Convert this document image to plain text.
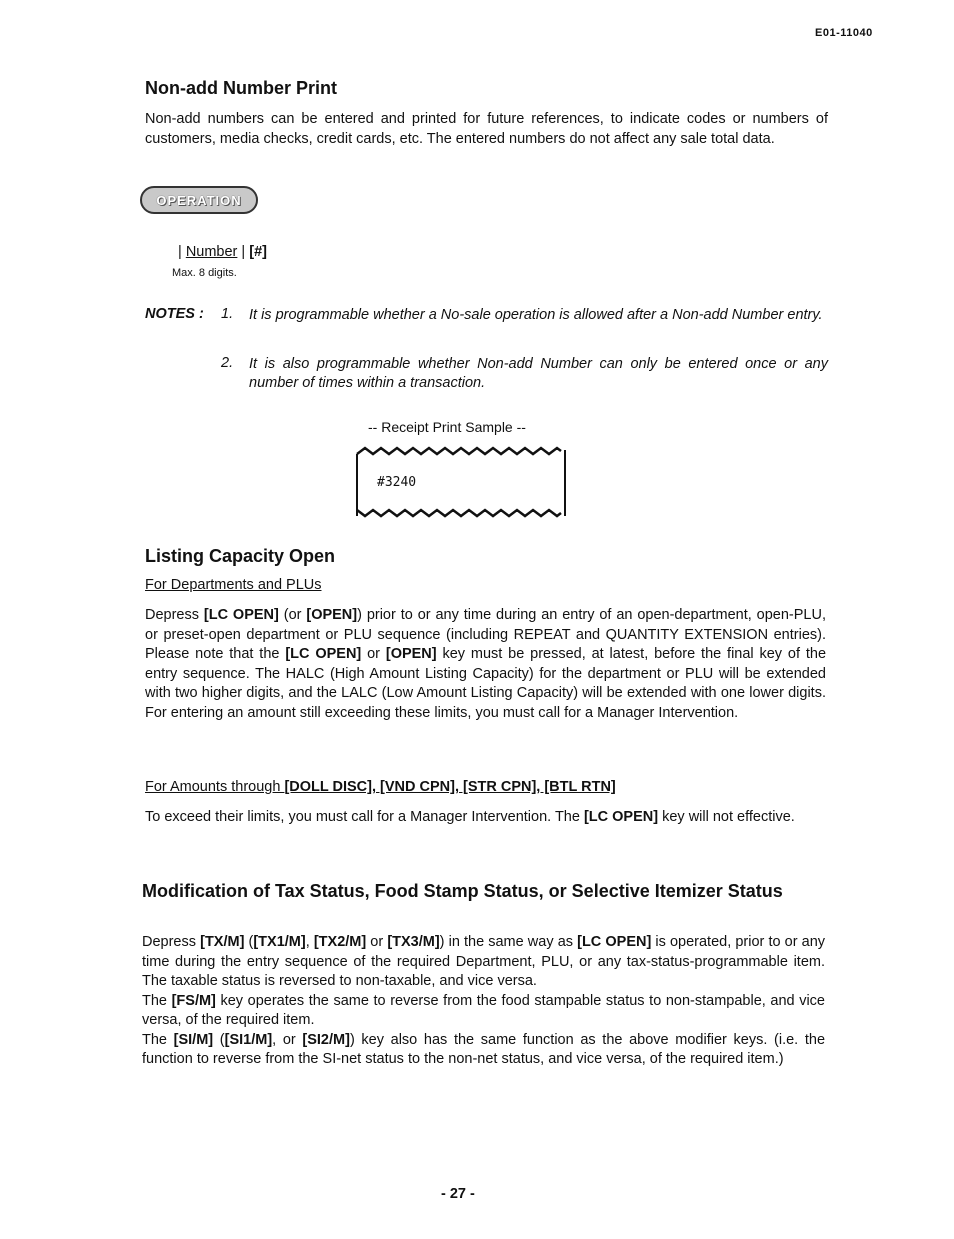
E01-11040
Non-add Number Print

Non-add numbers can be entered and printed for future references, to indicate codes or numbers of customers, media checks, credit cards, etc. The entered numbers do not affect any sale total data.

OPERATION
| Number | [#]
Max. 8 digits.
NOTES : 1. It is programmable whether a No-sale operation is allowed after a Non-add Number entry.

2. It is also programmable whether Non-add Number can only be entered once or any number of times within a transaction.

-- Receipt Print Sample --
#3240
Listing Capacity Open
For Departments and PLUs

Depress [LC OPEN] (or [OPEN]) prior to or any time during an entry of an open-department, open-PLU, or preset-open department or PLU sequence (including REPEAT and QUANTITY EXTENSION entries). Please note that the [LC OPEN] or [OPEN] key must be pressed, at latest, before the final key of the entry sequence. The HALC (High Amount Listing Capacity) for the department or PLU will be extended with two higher digits, and the LALC (Low Amount Listing Capacity) will be extended with one lower digits. For entering an amount still exceeding these limits, you must call for a Manager Intervention.

For Amounts through [DOLL DISC], [VND CPN], [STR CPN], [BTL RTN]

To exceed their limits, you must call for a Manager Intervention. The [LC OPEN] key will not effective.

Modification of Tax Status, Food Stamp Status, or Selective Itemizer Status

Depress [TX/M] ([TX1/M], [TX2/M] or [TX3/M]) in the same way as [LC OPEN] is operated, prior to or any time during the entry sequence of the required Department, PLU, or any tax-status-programmable item. The taxable status is reversed to non-taxable, and vice versa.
The [FS/M] key operates the same to reverse from the food stampable status to non-stampable, and vice versa, of the required item.
The [SI/M] ([SI1/M], or [SI2/M]) key also has the same function as the above modifier keys. (i.e. the function to reverse from the SI-net status to the non-net status, and vice versa, of the required item.)

- 27 -
